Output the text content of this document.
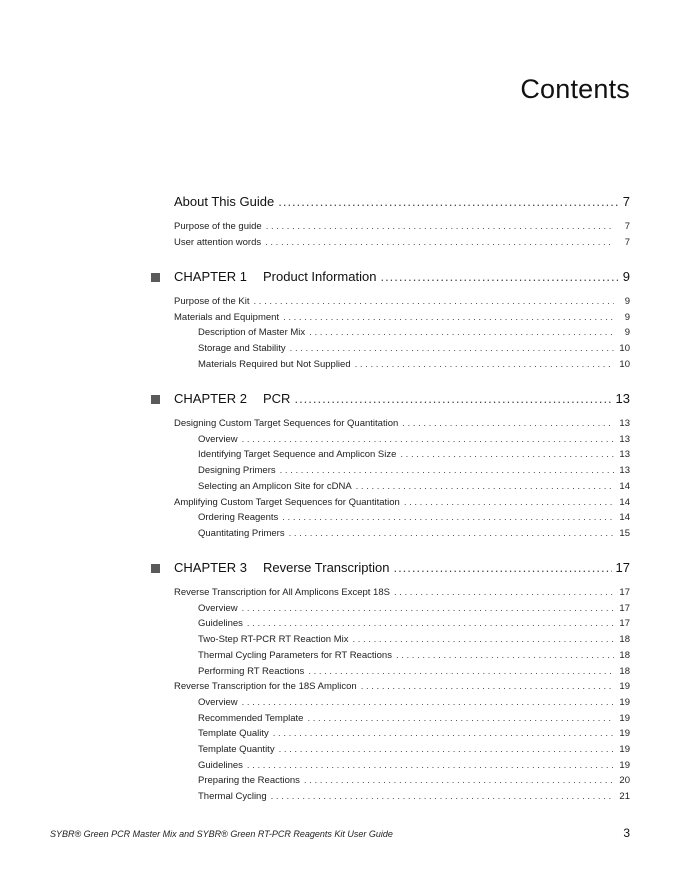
Contents
About This Guide .....	7
Purpose of the guide . . .	7
User attention words . . .	7
CHAPTER 1 Product Information .....	9
Purpose of the Kit . . .	9
Materials and Equipment . . .	9
Description of Master Mix . . .	9
Storage and Stability . . .	10
Materials Required but Not Supplied . . .	10
CHAPTER 2 PCR .....	13
Designing Custom Target Sequences for Quantitation . . .	13
Overview . . .	13
Identifying Target Sequence and Amplicon Size . . .	13
Designing Primers . . .	13
Selecting an Amplicon Site for cDNA . . .	14
Amplifying Custom Target Sequences for Quantitation . . .	14
Ordering Reagents . . .	14
Quantitating Primers . . .	15
CHAPTER 3 Reverse Transcription .....	17
Reverse Transcription for All Amplicons Except 18S . . .	17
Overview . . .	17
Guidelines . . .	17
Two-Step RT-PCR RT Reaction Mix . . .	18
Thermal Cycling Parameters for RT Reactions . . .	18
Performing RT Reactions . . .	18
Reverse Transcription for the 18S Amplicon . . .	19
Overview . . .	19
Recommended Template . . .	19
Template Quality . . .	19
Template Quantity . . .	19
Guidelines . . .	19
Preparing the Reactions . . .	20
Thermal Cycling . . .	21
SYBR® Green PCR Master Mix and SYBR® Green RT-PCR Reagents Kit User Guide	3
